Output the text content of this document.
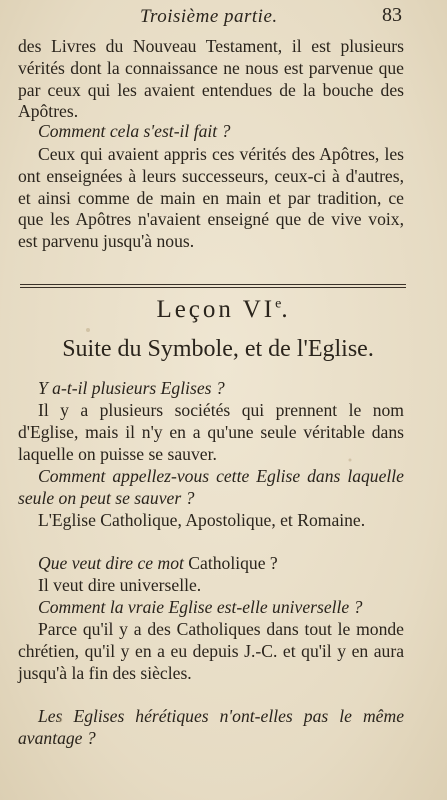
Troisième partie.	83

des Livres du Nouveau Testament, il est plusieurs vérités dont la connaissance ne nous est parvenue que par ceux qui les avaient entendues de la bouche des Apôtres.

Comment cela s'est-il fait ?

Ceux qui avaient appris ces vérités des Apôtres, les ont enseignées à leurs successeurs, ceux-ci à d'autres, et ainsi comme de main en main et par tradition, ce que les Apôtres n'avaient enseigné que de vive voix, est parvenu jusqu'à nous.

Leçon VIe.
Suite du Symbole, et de l'Eglise.

Y a-t-il plusieurs Eglises ?

Il y a plusieurs sociétés qui prennent le nom d'Eglise, mais il n'y en a qu'une seule véritable dans laquelle on puisse se sauver.

Comment appellez-vous cette Eglise dans laquelle seule on peut se sauver ?

L'Eglise Catholique, Apostolique, et Romaine.

Que veut dire ce mot Catholique ?

Il veut dire universelle.

Comment la vraie Eglise est-elle universelle ?

Parce qu'il y a des Catholiques dans tout le monde chrétien, qu'il y en a eu depuis J.-C. et qu'il y en aura jusqu'à la fin des siècles.

Les Eglises hérétiques n'ont-elles pas le même avantage ?
